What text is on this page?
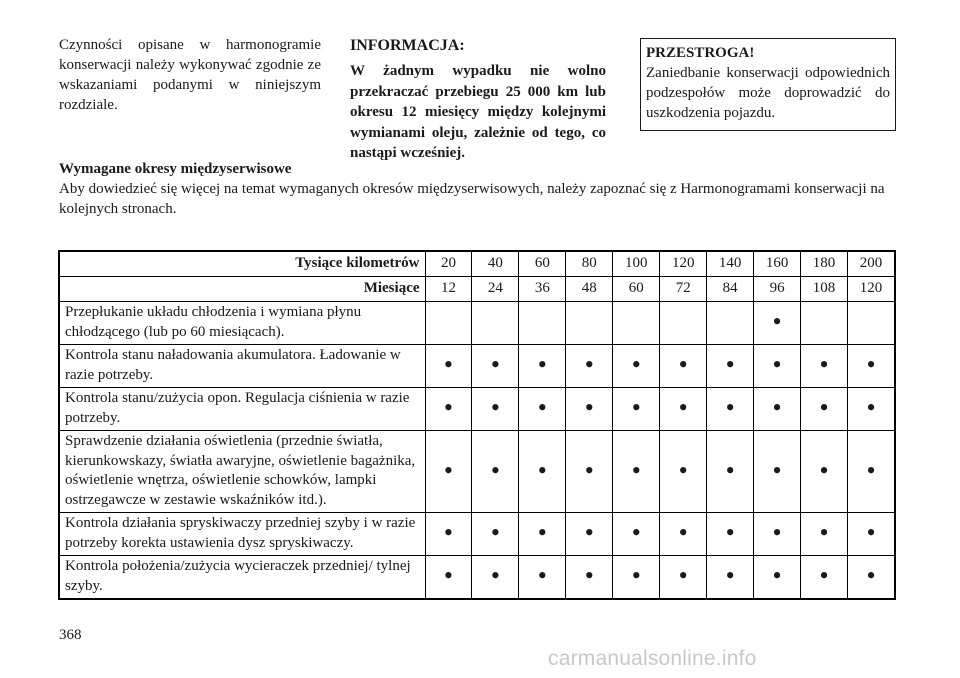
Czynności opisane w harmonogramie konserwacji należy wykonywać zgodnie ze wskazaniami podanymi w niniejszym rozdziale.

INFORMACJA:

W żadnym wypadku nie wolno przekraczać przebiegu 25 000 km lub okresu 12 miesięcy między kolejnymi wymianami oleju, zależnie od tego, co nastąpi wcześniej.

PRZESTROGA!

Zaniedbanie konserwacji odpowiednich podzespołów może doprowadzić do uszkodzenia pojazdu.

Wymagane okresy międzyserwisowe
Aby dowiedzieć się więcej na temat wymaganych okresów międzyserwisowych, należy zapoznać się z Harmonogramami konserwacji na kolejnych stronach.
Tysiące kilometrów	20	40	60	80	100	120	140	160	180	200
Miesiące	12	24	36	48	60	72	84	96	108	120
Przepłukanie układu chłodzenia i wymiana płynu chłodzącego (lub po 60 miesiącach).								•		
Kontrola stanu naładowania akumulatora. Ładowanie w razie potrzeby.	•	•	•	•	•	•	•	•	•	•
Kontrola stanu/zużycia opon. Regulacja ciśnienia w razie potrzeby.	•	•	•	•	•	•	•	•	•	•
Sprawdzenie działania oświetlenia (przednie światła, kierunkowskazy, światła awaryjne, oświetlenie bagażnika, oświetlenie wnętrza, oświetlenie schowków, lampki ostrzegawcze w zestawie wskaźników itd.).	•	•	•	•	•	•	•	•	•	•
Kontrola działania spryskiwaczy przedniej szyby i w razie potrzeby korekta ustawienia dysz spryskiwaczy.	•	•	•	•	•	•	•	•	•	•
Kontrola położenia/zużycia wycieraczek przedniej/ tylnej szyby.	•	•	•	•	•	•	•	•	•	•
368
carmanualsonline.info
